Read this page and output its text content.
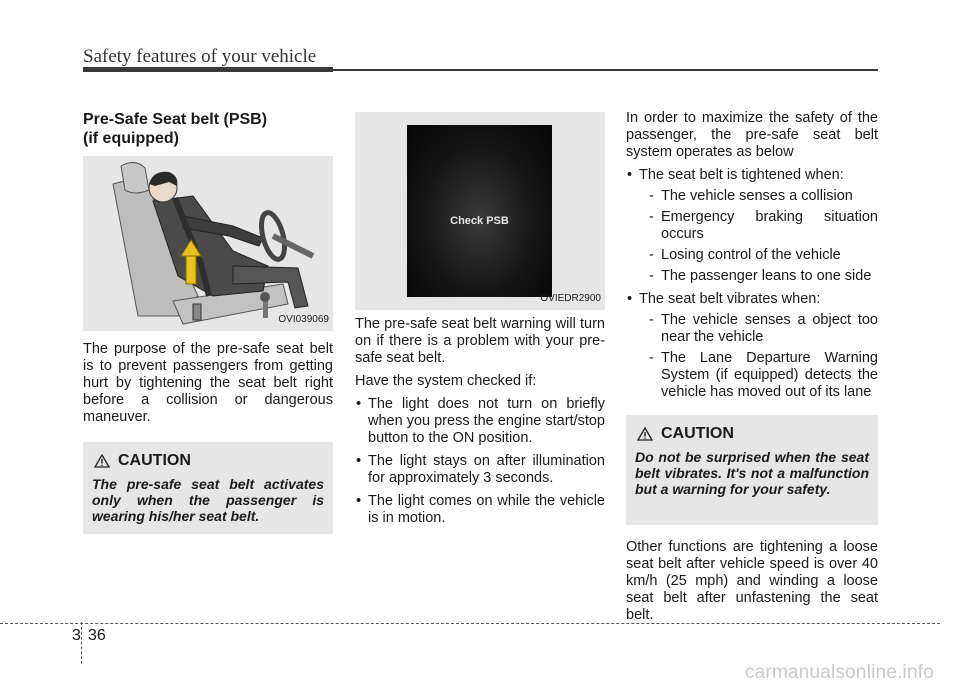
Safety features of your vehicle
Pre-Safe Seat belt (PSB)
(if equipped)
OVI039069

The purpose of the pre-safe seat belt is to prevent passengers from getting hurt by tightening the seat belt right before a collision or dangerous maneuver.

CAUTION
The pre-safe seat belt activates only when the passenger is wearing his/her seat belt.
Check PSB
OVIEDR2900

The pre-safe seat belt warning will turn on if there is a problem with your pre-safe seat belt.

Have the system checked if:

• The light does not turn on briefly when you press the engine start/stop button to the ON position.
• The light stays on after illumination for approximately 3 seconds.
• The light comes on while the vehicle is in motion.

In order to maximize the safety of the passenger, the pre-safe seat belt system operates as below

• The seat belt is tightened when:
- The vehicle senses a collision
- Emergency braking situation occurs
- Losing control of the vehicle
- The passenger leans to one side
• The seat belt vibrates when:
- The vehicle senses a object too near the vehicle
- The Lane Departure Warning System (if equipped) detects the vehicle has moved out of its lane
CAUTION
Do not be surprised when the seat belt vibrates. It's not a malfunction but a warning for your safety.

Other functions are tightening a loose seat belt after vehicle speed is over 40 km/h (25 mph) and winding a loose seat belt after unfastening the seat belt.

3 36
carmanualsonline.info
